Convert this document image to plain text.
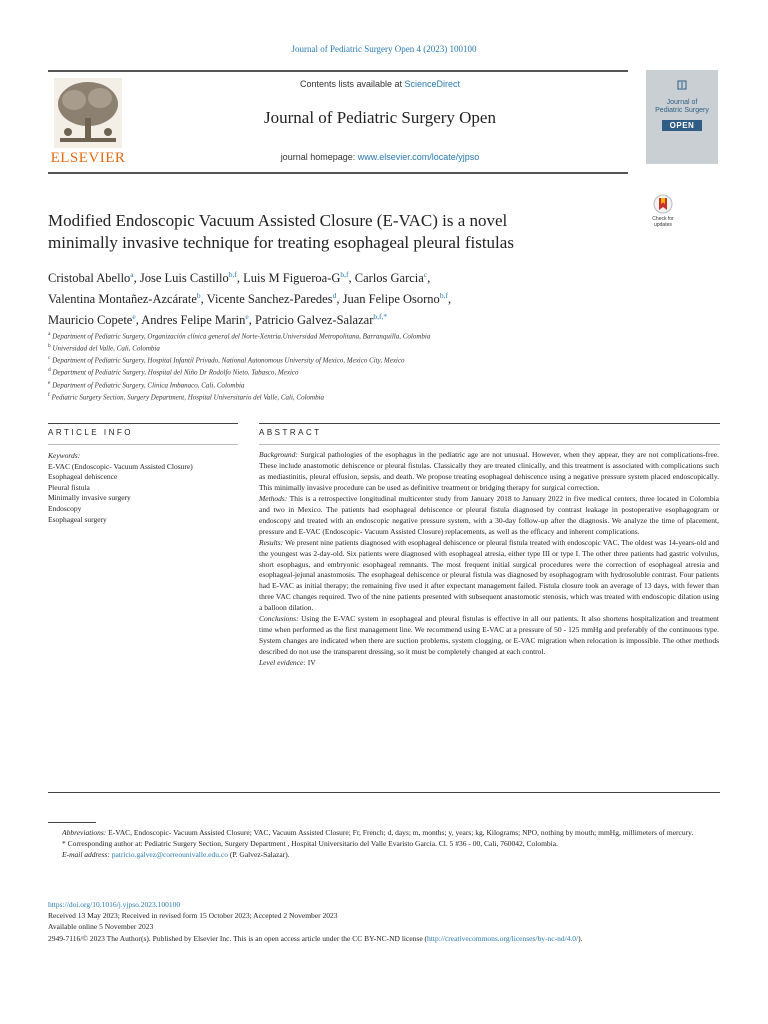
Journal of Pediatric Surgery Open 4 (2023) 100100
ELSEVIER
Contents lists available at ScienceDirect
Journal of Pediatric Surgery Open
journal homepage: www.elsevier.com/locate/yjpso
Journal of
Pediatric Surgery
OPEN
Modified Endoscopic Vacuum Assisted Closure (E-VAC) is a novel
minimally invasive technique for treating esophageal pleural fistulas
Check for
updates
Cristobal Abello$^a$, Jose Luis Castillo$^{b,f}$, Luis M Figueroa-$G^{b,f}$, Carlos Garcia$^c$,
Valentina Montañez-Azcárate$^b$, Vicente Sanchez-Paredes$^d$, Juan Felipe Osorno$^{b,f}$,
Mauricio Copete$^e$, Andres Felipe Marin$^e$, Patricio Galvez-Salazar$^{b,f,*}$
$^a$ Department of Pediatric Surgery, Organización clínica general del Norte-Xentria.Universidad Metropolitana, Barranquilla, Colombia
$^b$ Universidad del Valle, Cali, Colombia
$^c$ Department of Pediatric Surgery, Hospital Infantil Privado, National Autonomous University of Mexico, Mexico City, Mexico
$^d$ Department of Pediatric Surgery, Hospital del Niño Dr Rodolfo Nieto, Tabasco, Mexico
$^e$ Department of Pediatric Surgery, Clinica Imbanaco, Cali, Colombia
$^f$ Pediatric Surgery Section, Surgery Department, Hospital Universitario del Valle, Cali, Colombia
ARTICLE INFO	ABSTRACT
Keywords:
E-VAC (Endoscopic- Vacuum Assisted Closure)
Esophageal dehiscence
Pleural fistula
Minimally invasive surgery
Endoscopy
Esophageal surgery

Background: Surgical pathologies of the esophagus in the pediatric age are not unusual. However, when they appear, they are not complications-free. These include anastomotic dehiscence or pleural fistulas. Classically they are treated clinically, and this treatment is associated with complications such as mediastinitis, pleural effusion, sepsis, and death. We propose treating esophageal dehiscence using a negative pressure system placed endoscopically. This minimally invasive procedure can be used as definitive treatment or bridging therapy for surgical correction.

Methods: This is a retrospective longitudinal multicenter study from January 2018 to January 2022 in five medical centers, three located in Colombia and two in Mexico. The patients had esophageal dehiscence or pleural fistula diagnosed by contrast leakage in postoperative esophagogram or endoscopy and treated with an endoscopic negative pressure system, with a 30-day follow-up after the diagnosis. We analyze the time of placement, pressure and E-VAC (Endoscopic- Vacuum Assisted Closure) replacements, as well as the efficacy and inherent complications.

Results: We present nine patients diagnosed with esophageal dehiscence or pleural fistula treated with endoscopic VAC. The oldest was 14-years-old and the youngest was 2-day-old. Six patients were diagnosed with esophageal atresia, either type III or type I. The other three patients had gastric volvulus, short esophagus, and embryonic esophageal remnants. The most frequent initial surgical procedures were the correction of esophageal atresia and esophageal-jejunal anastomosis. The esophageal dehiscence or pleural fistula was diagnosed by esophagogram with hydrosoluble contrast. Four patients had E-VAC as initial therapy; the remaining five used it after expectant management failed. Fistula closure took an average of 13 days, with fewer than three VAC changes required. Two of the nine patients presented with subsequent anastomotic stenosis, which was treated with endoscopic dilation using a balloon dilation.

Conclusions: Using the E-VAC system in esophageal and pleural fistulas is effective in all our patients. It also shortens hospitalization and treatment time when performed as the first management line. We recommend using E-VAC at a pressure of 50 - 125 mmHg and preferably of the continuous type. System changes are indicated when there are suction problems, system clogging, or E-VAC migration when relocation is impossible. The other methods described do not use the transparent dressing, so it must be completely changed at each control.

Level evidence: IV

Abbreviations: E-VAC, Endoscopic- Vacuum Assisted Closure; VAC, Vacuum Assisted Closure; Fr, French; d, days; m, months; y, years; kg, Kilograms; NPO, nothing by mouth; mmHg, millimeters of mercury.

* Corresponding author at: Pediatric Surgery Section, Surgery Department , Hospital Universitario del Valle Evaristo Garcia. Cl. 5 #36 - 00, Cali, 760042, Colombia.

E-mail address: patricio.galvez@correounivalle.edu.co (P. Galvez-Salazar).

https://doi.org/10.1016/j.yjpso.2023.100100

Received 13 May 2023; Received in revised form 15 October 2023; Accepted 2 November 2023

Available online 5 November 2023

2949-7116/© 2023 The Author(s). Published by Elsevier Inc. This is an open access article under the CC BY-NC-ND license (http://creativecommons.org/licenses/by-nc-nd/4.0/).
